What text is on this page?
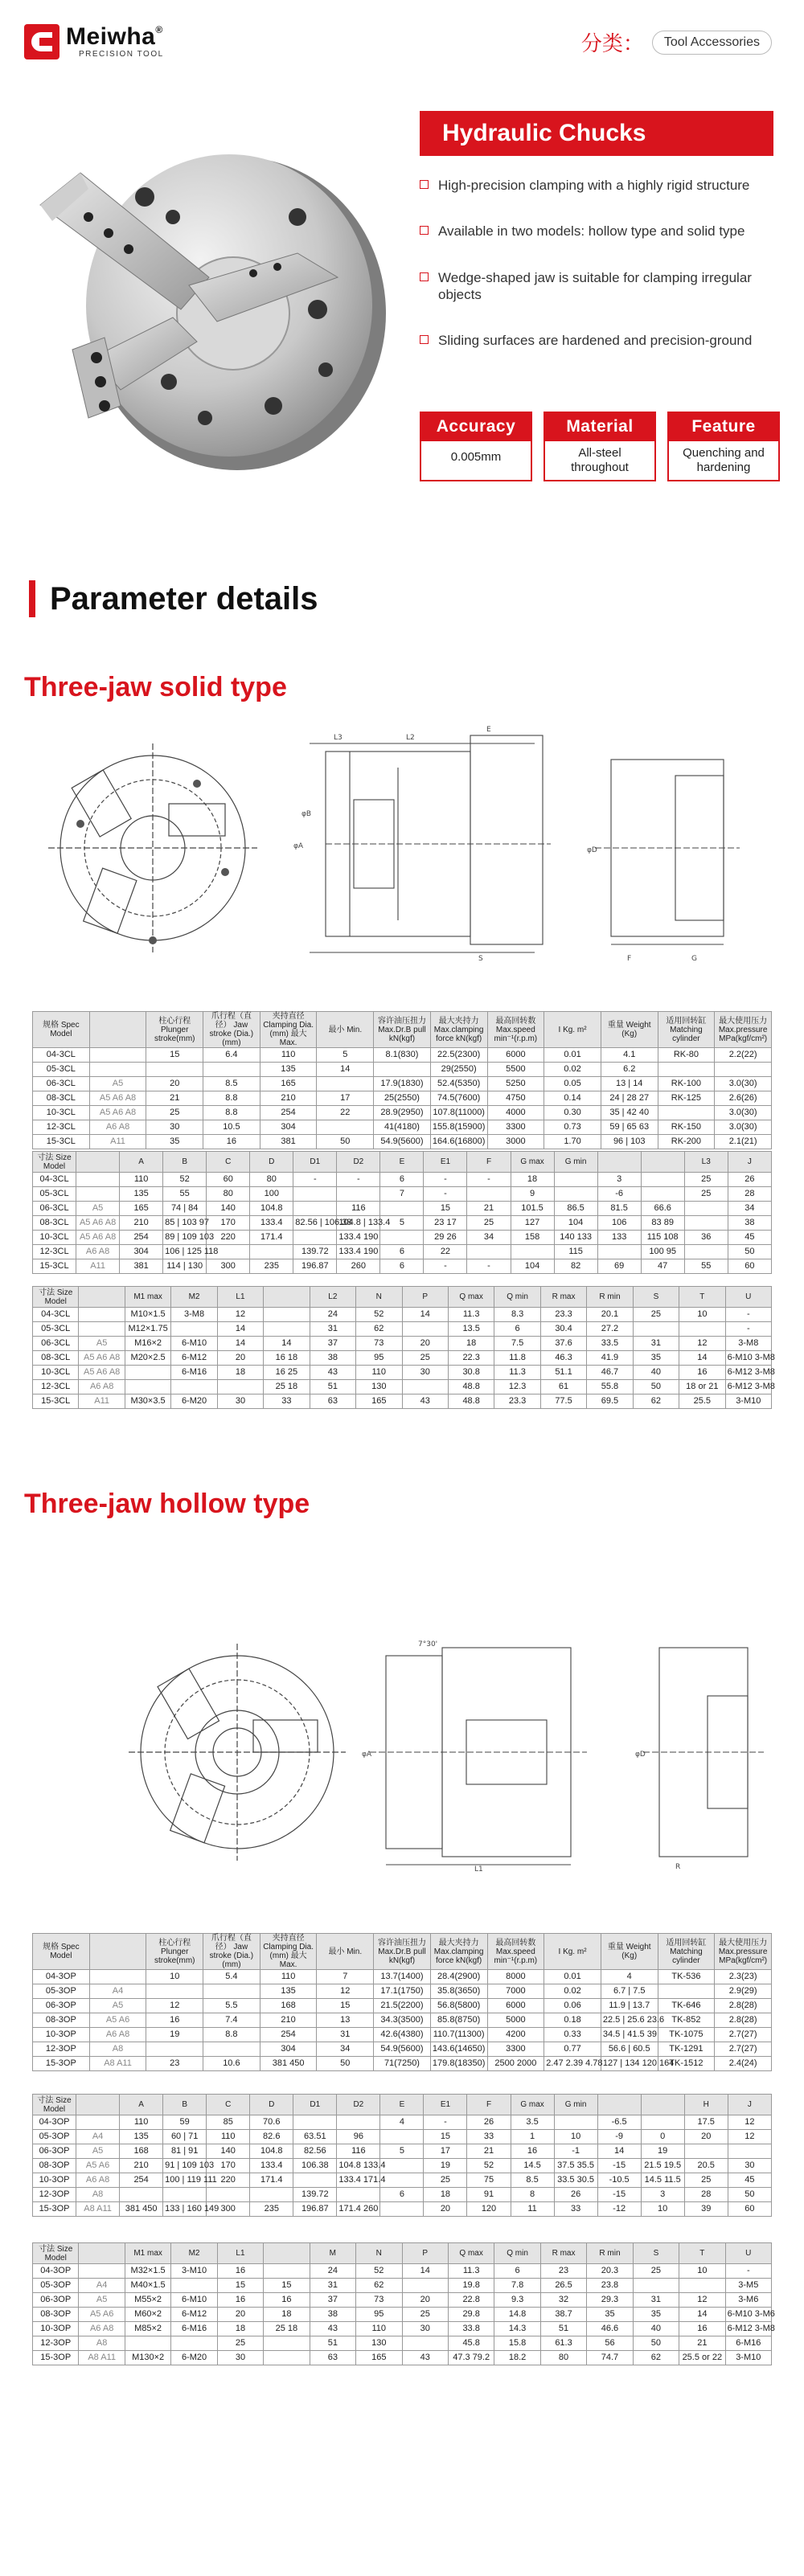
Meiwha®
PRECISION TOOL	分类：	Tool Accessories
Hydraulic Chucks
High-precision clamping with a highly rigid structure
Available in two models: hollow type and solid type
Wedge-shaped jaw is suitable for clamping irregular objects
Sliding surfaces are hardened and precision-ground
Accuracy
0.005mm
Material
All-steel throughout
Feature
Quenching and hardening
Parameter details
Three-jaw solid type
L3	L2
E
φA
φB
S	F	G
φD
规格 Spec Model		柱心行程 Plunger stroke(mm)	爪行程（直径） Jaw stroke (Dia.)(mm)	夹持直径 Clamping Dia.(mm) 最大 Max.	最小 Min.	容许油压扭力 Max.Dr.B pull kN(kgf)	最大夹持力 Max.clamping force kN(kgf)	最高回转数 Max.speed min⁻¹(r.p.m)	I Kg. m²	重量 Weight (Kg)	适用回转缸 Matching cylinder	最大使用压力 Max.pressure MPa(kgf/cm²)
04-3CL		15	6.4	110	5	8.1(830)	22.5(2300)	6000	0.01	4.1	RK-80	2.2(22)
05-3CL				135	14		29(2550)	5500	0.02	6.2		
06-3CL	A5	20	8.5	165		17.9(1830)	52.4(5350)	5250	0.05	13 | 14	RK-100	3.0(30)
08-3CL	A5 A6 A8	21	8.8	210	17	25(2550)	74.5(7600)	4750	0.14	24 | 28 27	RK-125	2.6(26)
10-3CL	A5 A6 A8	25	8.8	254	22	28.9(2950)	107.8(11000)	4000	0.30	35 | 42 40		3.0(30)
12-3CL	A6 A8	30	10.5	304		41(4180)	155.8(15900)	3300	0.73	59 | 65 63	RK-150	3.0(30)
15-3CL	A11	35	16	381	50	54.9(5600)	164.6(16800)	3000	1.70	96 | 103	RK-200	2.1(21)
寸法 Size Model		A	B	C	D	D1	D2	E	E1	F	G max	G min			L3	J
04-3CL		110	52	60	80	-	-	6	-	-	18		3		25	26
05-3CL		135	55	80	100			7	-		9		-6		25	28
06-3CL	A5	165	74 | 84	140	104.8		116		15	21	101.5	86.5	81.5	66.6		34
08-3CL	A5 A6 A8	210	85 | 103 97	170	133.4	82.56 | 106.38	104.8 | 133.4	5	23 17	25	127	104	106	83 89		38
10-3CL	A5 A6 A8	254	89 | 109 103	220	171.4		133.4 190		29 26	34	158	140 133	133	115 108	36	45
12-3CL	A6 A8	304	106 | 125 118			139.72	133.4 190	6	22			115		100 95		50
15-3CL	A11	381	114 | 130	300	235	196.87	260	6	-	-	104	82	69	47	55	60
寸法 Size Model		M1 max	M2	L1		L2	N	P	Q max	Q min	R max	R min	S	T	U
04-3CL		M10×1.5	3-M8	12		24	52	14	11.3	8.3	23.3	20.1	25	10	-
05-3CL		M12×1.75		14		31	62		13.5	6	30.4	27.2			-
06-3CL	A5	M16×2	6-M10	14	14	37	73	20	18	7.5	37.6	33.5	31	12	3-M8
08-3CL	A5 A6 A8	M20×2.5	6-M12	20	16 18	38	95	25	22.3	11.8	46.3	41.9	35	14	6-M10 3-M8
10-3CL	A5 A6 A8		6-M16	18	16 25	43	110	30	30.8	11.3	51.1	46.7	40	16	6-M12 3-M8
12-3CL	A6 A8				25 18	51	130		48.8	12.3	61	55.8	50	18 or 21	6-M12 3-M8
15-3CL	A11	M30×3.5	6-M20	30	33	63	165	43	48.8	23.3	77.5	69.5	62	25.5	3-M10
Three-jaw hollow type
φA
7°30'
L1
φD
R
规格 Spec Model		柱心行程 Plunger stroke(mm)	爪行程（直径） Jaw stroke (Dia.)(mm)	夹持直径 Clamping Dia.(mm) 最大 Max.	最小 Min.	容许油压扭力 Max.Dr.B pull kN(kgf)	最大夹持力 Max.clamping force kN(kgf)	最高回转数 Max.speed min⁻¹(r.p.m)	I Kg. m²	重量 Weight (Kg)	适用回转缸 Matching cylinder	最大使用压力 Max.pressure MPa(kgf/cm²)
04-3OP		10	5.4	110	7	13.7(1400)	28.4(2900)	8000	0.01	4	TK-536	2.3(23)
05-3OP	A4			135	12	17.1(1750)	35.8(3650)	7000	0.02	6.7 | 7.5		2.9(29)
06-3OP	A5	12	5.5	168	15	21.5(2200)	56.8(5800)	6000	0.06	11.9 | 13.7	TK-646	2.8(28)
08-3OP	A5 A6	16	7.4	210	13	34.3(3500)	85.8(8750)	5000	0.18	22.5 | 25.6 23.6	TK-852	2.8(28)
10-3OP	A6 A8	19	8.8	254	31	42.6(4380)	110.7(11300)	4200	0.33	34.5 | 41.5 39	TK-1075	2.7(27)
12-3OP	A8			304	34	54.9(5600)	143.6(14650)	3300	0.77	56.6 | 60.5	TK-1291	2.7(27)
15-3OP	A8 A11	23	10.6	381 450	50	71(7250)	179.8(18350)	2500 2000	2.47 2.39 4.78	127 | 134 120 164	TK-1512	2.4(24)
寸法 Size Model		A	B	C	D	D1	D2	E	E1	F	G max	G min			H	J
04-3OP		110	59	85	70.6			4	-	26	3.5		-6.5		17.5	12
05-3OP	A4	135	60 | 71	110	82.6	63.51	96		15	33	1	10	-9	0	20	12
06-3OP	A5	168	81 | 91	140	104.8	82.56	116	5	17	21	16	-1	14	19		
08-3OP	A5 A6	210	91 | 109 103	170	133.4	106.38	104.8 133.4		19	52	14.5	37.5 35.5	-15	21.5 19.5	20.5	30
10-3OP	A6 A8	254	100 | 119 111	220	171.4		133.4 171.4		25	75	8.5	33.5 30.5	-10.5	14.5 11.5	25	45
12-3OP	A8					139.72		6	18	91	8	26	-15	3	28	50
15-3OP	A8 A11	381 450	133 | 160 149	300	235	196.87	171.4 260		20	120	11	33	-12	10	39	60
寸法 Size Model		M1 max	M2	L1		M	N	P	Q max	Q min	R max	R min	S	T	U
04-3OP		M32×1.5	3-M10	16		24	52	14	11.3	6	23	20.3	25	10	-
05-3OP	A4	M40×1.5		15	15	31	62		19.8	7.8	26.5	23.8			3-M5
06-3OP	A5	M55×2	6-M10	16	16	37	73	20	22.8	9.3	32	29.3	31	12	3-M6
08-3OP	A5 A6	M60×2	6-M12	20	18	38	95	25	29.8	14.8	38.7	35	35	14	6-M10 3-M6
10-3OP	A6 A8	M85×2	6-M16	18	25 18	43	110	30	33.8	14.3	51	46.6	40	16	6-M12 3-M8
12-3OP	A8			25		51	130		45.8	15.8	61.3	56	50	21	6-M16
15-3OP	A8 A11	M130×2	6-M20	30		63	165	43	47.3 79.2	18.2	80	74.7	62	25.5 or 22	3-M10
